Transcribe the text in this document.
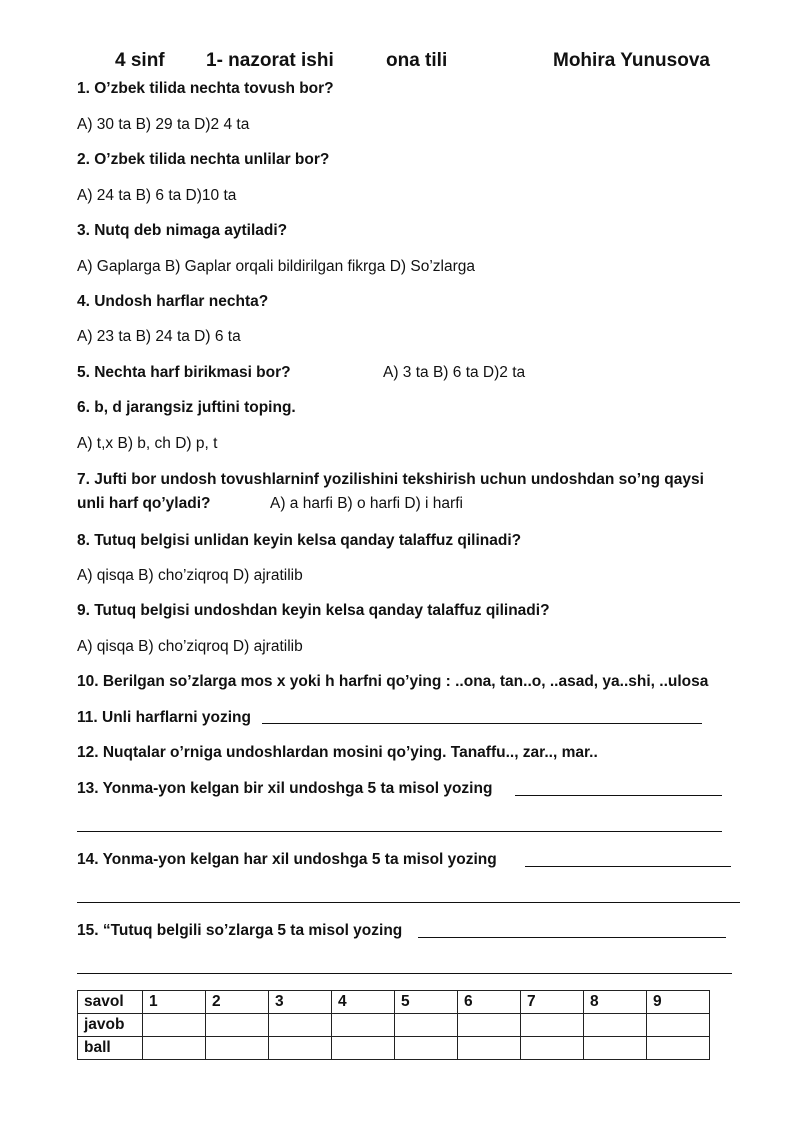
4 sinf 1- nazorat ishi	ona tili	Mohira Yunusova
1. O’zbek tilida nechta tovush bor?
A) 30 ta B) 29 ta D)2 4 ta
2. O’zbek tilida nechta unlilar bor?
A) 24 ta B) 6 ta D)10 ta
3. Nutq deb nimaga aytiladi?
A) Gaplarga B) Gaplar orqali bildirilgan fikrga D) So’zlarga
4. Undosh harflar nechta?
A) 23 ta B) 24 ta D) 6 ta
5. Nechta harf birikmasi bor?	A) 3 ta B) 6 ta D)2 ta
6. b, d jarangsiz juftini toping.
A) t,x B) b, ch D) p, t
7. Jufti bor undosh tovushlarninf yozilishini tekshirish uchun undoshdan so’ng qaysi
unli harf qo’yladi?	A) a harfi B) o harfi D) i harfi
8. Tutuq belgisi unlidan keyin kelsa qanday talaffuz qilinadi?
A) qisqa B) cho’ziqroq D) ajratilib
9. Tutuq belgisi undoshdan keyin kelsa qanday talaffuz qilinadi?
A) qisqa B) cho’ziqroq D) ajratilib
10. Berilgan so’zlarga mos x yoki h harfni qo’ying : ..ona, tan..o, ..asad, ya..shi, ..ulosa
11. Unli harflarni yozing
12. Nuqtalar o’rniga undoshlardan mosini qo’ying. Tanaffu.., zar.., mar..
13. Yonma-yon kelgan bir xil undoshga 5 ta misol yozing
14. Yonma-yon kelgan har xil undoshga 5 ta misol yozing
15. “Tutuq belgili so’zlarga 5 ta misol yozing
savol	1	2	3	4	5	6	7	8	9
javob									
ball									
